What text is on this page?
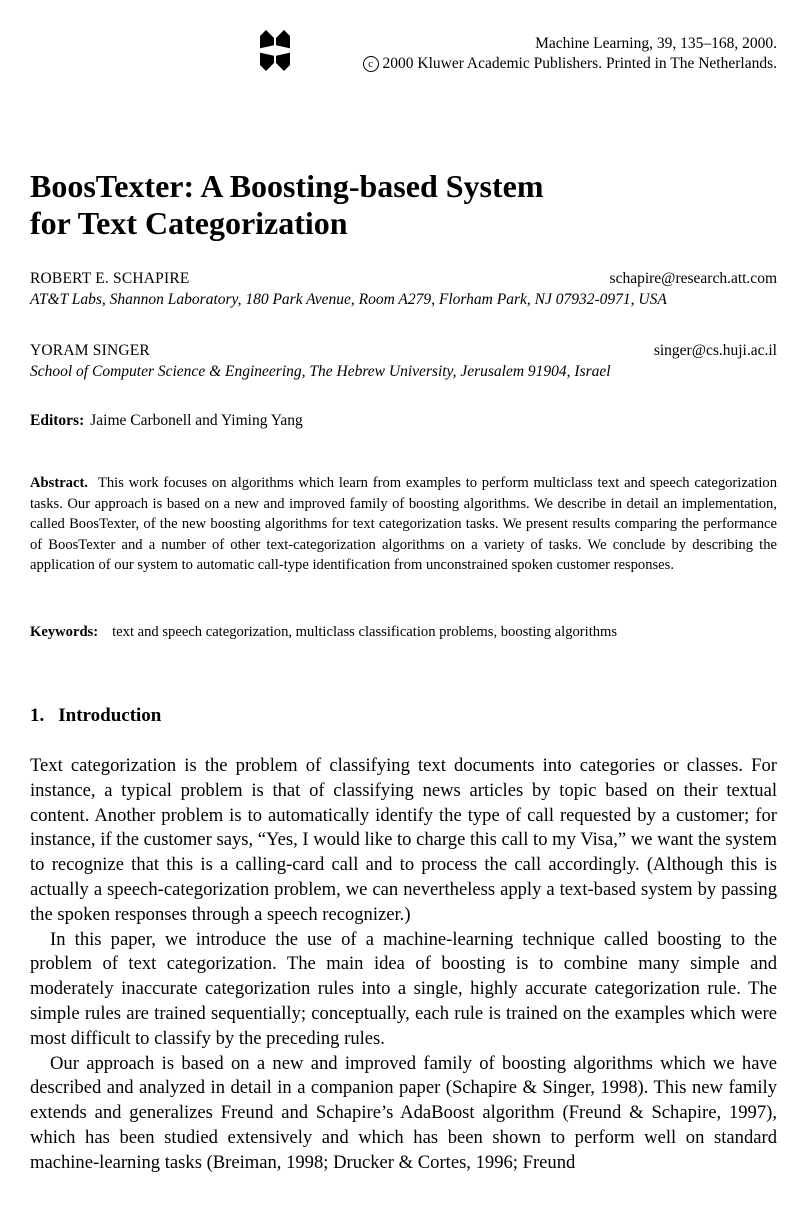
Machine Learning, 39, 135–168, 2000.
c 2000 Kluwer Academic Publishers. Printed in The Netherlands.
BoosTexter: A Boosting-based System
for Text Categorization
ROBERT E. SCHAPIRE	schapire@research.att.com
AT&T Labs, Shannon Laboratory, 180 Park Avenue, Room A279, Florham Park, NJ 07932-0971, USA
YORAM SINGER	singer@cs.huji.ac.il
School of Computer Science & Engineering, The Hebrew University, Jerusalem 91904, Israel
Editors: Jaime Carbonell and Yiming Yang

Abstract. This work focuses on algorithms which learn from examples to perform multiclass text and speech categorization tasks. Our approach is based on a new and improved family of boosting algorithms. We describe in detail an implementation, called BoosTexter, of the new boosting algorithms for text categorization tasks. We present results comparing the performance of BoosTexter and a number of other text-categorization algorithms on a variety of tasks. We conclude by describing the application of our system to automatic call-type identification from unconstrained spoken customer responses.

Keywords: text and speech categorization, multiclass classification problems, boosting algorithms
1. Introduction

Text categorization is the problem of classifying text documents into categories or classes. For instance, a typical problem is that of classifying news articles by topic based on their textual content. Another problem is to automatically identify the type of call requested by a customer; for instance, if the customer says, “Yes, I would like to charge this call to my Visa,” we want the system to recognize that this is a calling-card call and to process the call accordingly. (Although this is actually a speech-categorization problem, we can nevertheless apply a text-based system by passing the spoken responses through a speech recognizer.)

In this paper, we introduce the use of a machine-learning technique called boosting to the problem of text categorization. The main idea of boosting is to combine many simple and moderately inaccurate categorization rules into a single, highly accurate categorization rule. The simple rules are trained sequentially; conceptually, each rule is trained on the examples which were most difficult to classify by the preceding rules.

Our approach is based on a new and improved family of boosting algorithms which we have described and analyzed in detail in a companion paper (Schapire & Singer, 1998). This new family extends and generalizes Freund and Schapire’s AdaBoost algorithm (Freund & Schapire, 1997), which has been studied extensively and which has been shown to perform well on standard machine-learning tasks (Breiman, 1998; Drucker & Cortes, 1996; Freund
